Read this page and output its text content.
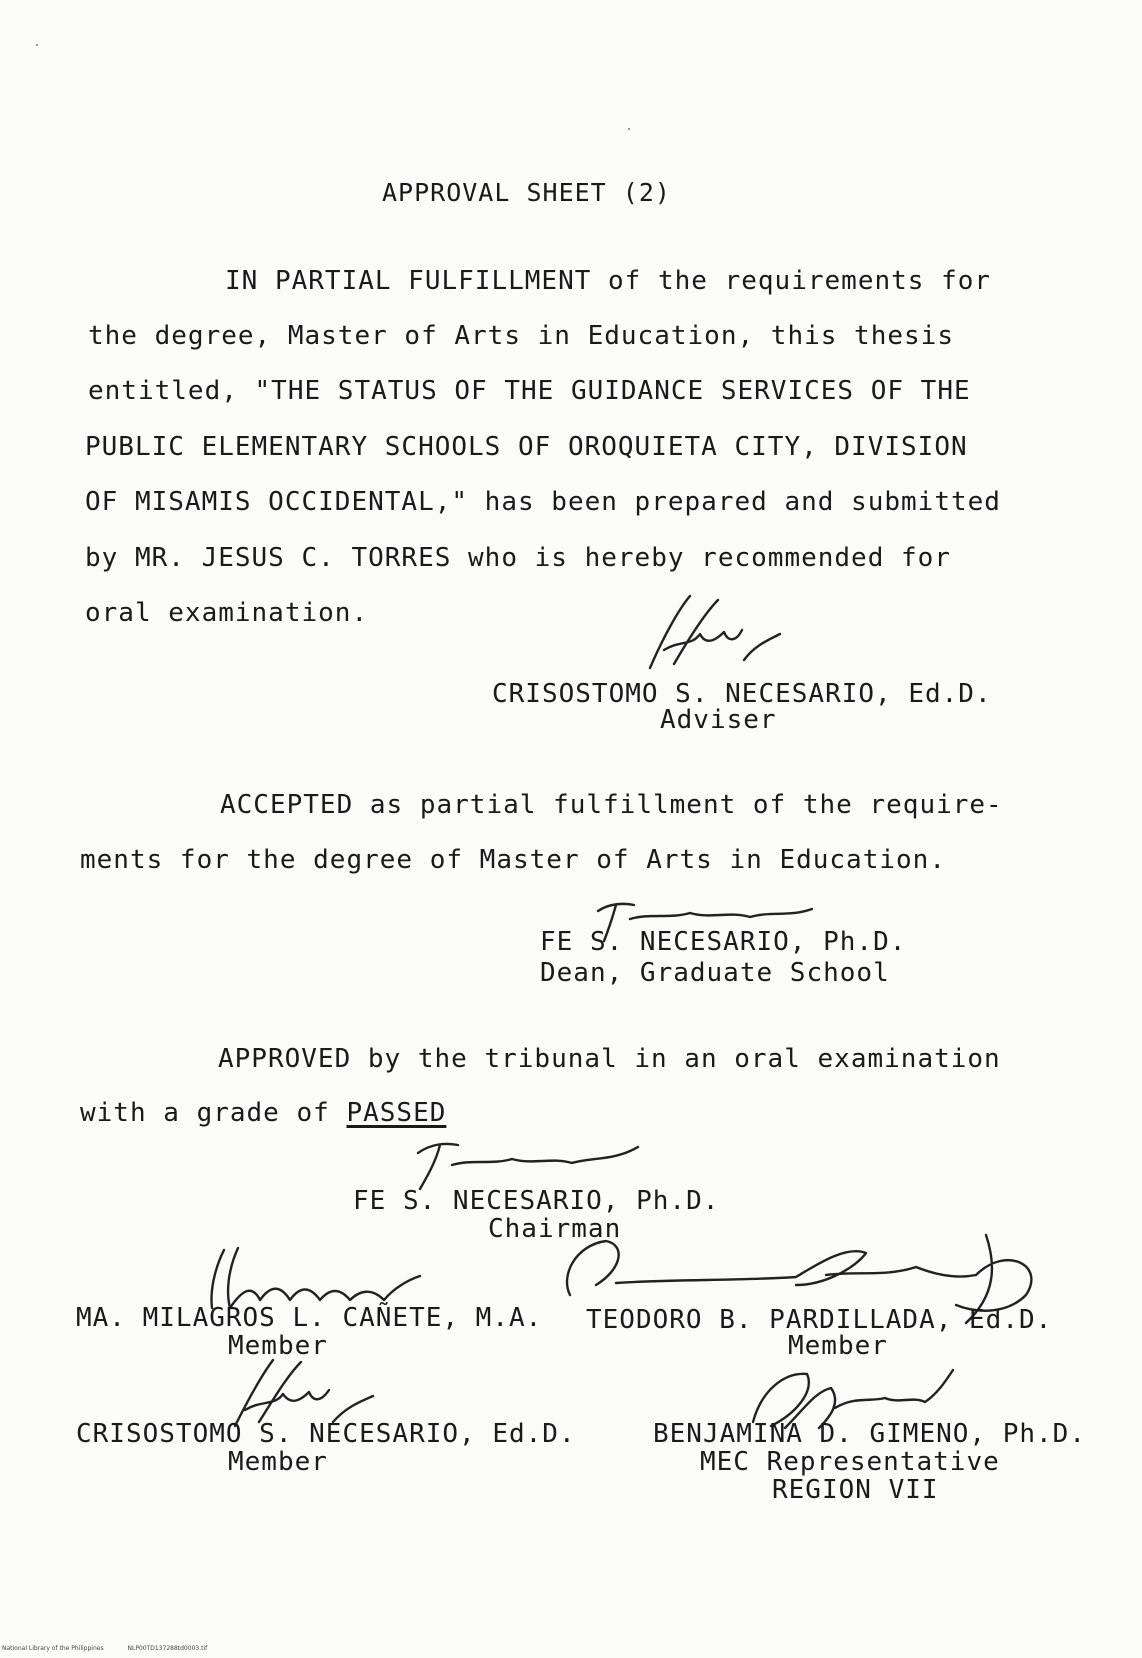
APPROVAL SHEET (2)
IN PARTIAL FULFILLMENT of the requirements for
the degree, Master of Arts in Education, this thesis
entitled, "THE STATUS OF THE GUIDANCE SERVICES OF THE
PUBLIC ELEMENTARY SCHOOLS OF OROQUIETA CITY, DIVISION
OF MISAMIS OCCIDENTAL," has been prepared and submitted
by MR. JESUS C. TORRES who is hereby recommended for
oral examination.
CRISOSTOMO S. NECESARIO, Ed.D.
Adviser
ACCEPTED as partial fulfillment of the require-
ments for the degree of Master of Arts in Education.
FE S. NECESARIO, Ph.D.
Dean, Graduate School
APPROVED by the tribunal in an oral examination
with a grade of PASSED
FE S. NECESARIO, Ph.D.
Chairman
MA. MILAGROS L. CAÑETE, M.A.
Member
TEODORO B. PARDILLADA, Ed.D.
Member
CRISOSTOMO S. NECESARIO, Ed.D.
Member
BENJAMINA D. GIMENO, Ph.D.
MEC Representative
REGION VII
National Library of the Philippines	NLP00TD137288td0003.tif
